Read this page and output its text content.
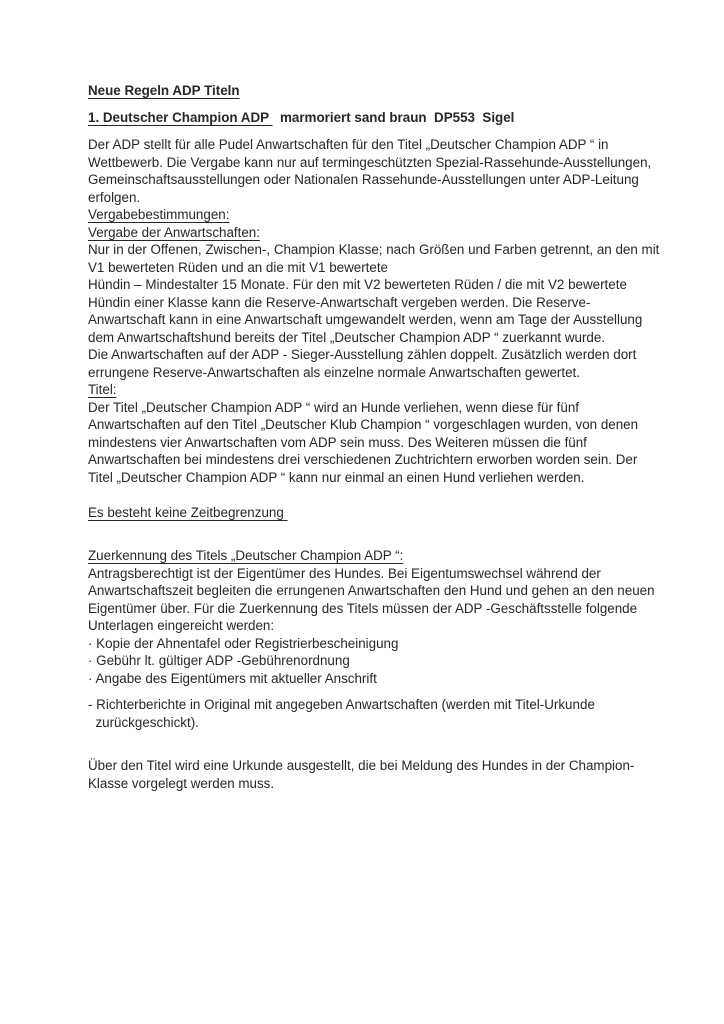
Neue Regeln ADP Titeln
1. Deutscher Champion ADP   marmoriert sand braun  DP553  Sigel
Der ADP stellt für alle Pudel Anwartschaften für den Titel „Deutscher Champion ADP “ in
Wettbewerb. Die Vergabe kann nur auf termingeschützten Spezial-Rassehunde-Ausstellungen,
Gemeinschaftsausstellungen oder Nationalen Rassehunde-Ausstellungen unter ADP-Leitung
erfolgen.
Vergabebestimmungen:
Vergabe der Anwartschaften:
Nur in der Offenen, Zwischen-, Champion Klasse; nach Größen und Farben getrennt, an den mit
V1 bewerteten Rüden und an die mit V1 bewertete
Hündin – Mindestalter 15 Monate. Für den mit V2 bewerteten Rüden / die mit V2 bewertete
Hündin einer Klasse kann die Reserve-Anwartschaft vergeben werden. Die Reserve-
Anwartschaft kann in eine Anwartschaft umgewandelt werden, wenn am Tage der Ausstellung
dem Anwartschaftshund bereits der Titel „Deutscher Champion ADP “ zuerkannt wurde.
Die Anwartschaften auf der ADP - Sieger-Ausstellung zählen doppelt. Zusätzlich werden dort
errungene Reserve-Anwartschaften als einzelne normale Anwartschaften gewertet.
Titel:
Der Titel „Deutscher Champion ADP “ wird an Hunde verliehen, wenn diese für fünf
Anwartschaften auf den Titel „Deutscher Klub Champion “ vorgeschlagen wurden, von denen
mindestens vier Anwartschaften vom ADP sein muss. Des Weiteren müssen die fünf
Anwartschaften bei mindestens drei verschiedenen Zuchtrichtern erworben worden sein. Der
Titel „Deutscher Champion ADP “ kann nur einmal an einen Hund verliehen werden.
Es besteht keine Zeitbegrenzung
Zuerkennung des Titels „Deutscher Champion ADP “:
Antragsberechtigt ist der Eigentümer des Hundes. Bei Eigentumswechsel während der
Anwartschaftszeit begleiten die errungenen Anwartschaften den Hund und gehen an den neuen
Eigentümer über. Für die Zuerkennung des Titels müssen der ADP -Geschäftsstelle folgende
Unterlagen eingereicht werden:
· Kopie der Ahnentafel oder Registrierbescheinigung
· Gebühr lt. gültiger ADP -Gebührenordnung
· Angabe des Eigentümers mit aktueller Anschrift
- Richterberichte in Original mit angegeben Anwartschaften (werden mit Titel-Urkunde
zurückgeschickt).
Über den Titel wird eine Urkunde ausgestellt, die bei Meldung des Hundes in der Champion-
Klasse vorgelegt werden muss.
